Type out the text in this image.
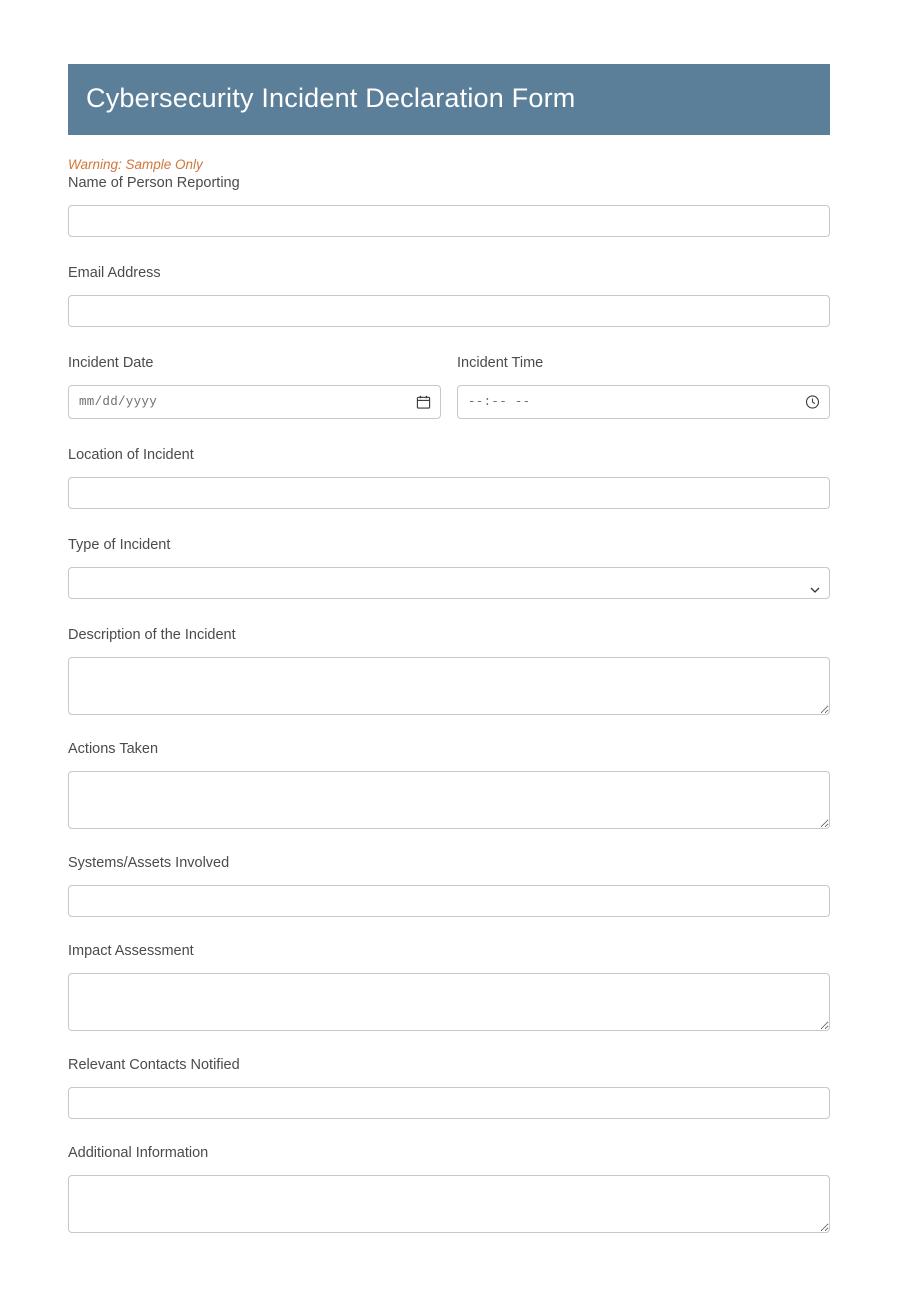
Cybersecurity Incident Declaration Form
Warning: Sample Only
Name of Person Reporting
Email Address
Incident Date	Incident Time
mm/dd/yyyy	--:-- --
Location of Incident
Type of Incident
Description of the Incident
Actions Taken
Systems/Assets Involved
Impact Assessment
Relevant Contacts Notified
Additional Information
